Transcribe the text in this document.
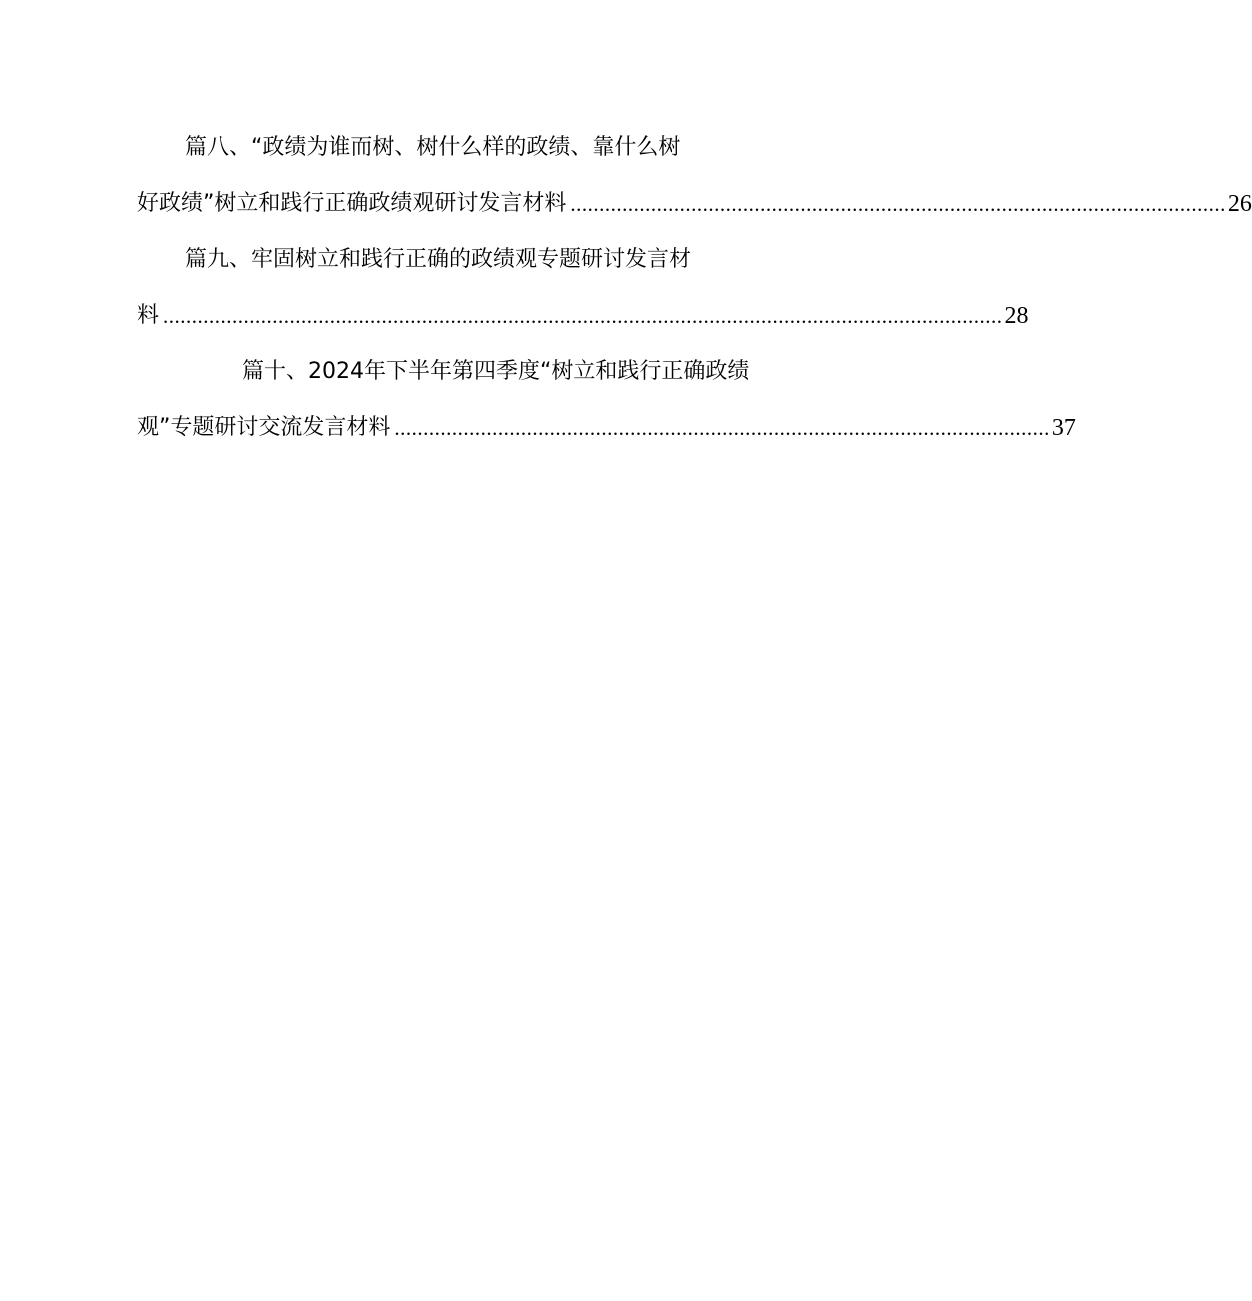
篇八、“政绩为谁而树、树什么样的政绩、靠什么树
好政绩”树立和践行正确政绩观研讨发言材料 .................................................................................................................. 26
篇九、牢固树立和践行正确的政绩观专题研讨发言材
料 .................................................................................................................................................. 28
篇十、2024年下半年第四季度“树立和践行正确政绩
观”专题研讨交流发言材料 .................................................................................................................. 37
